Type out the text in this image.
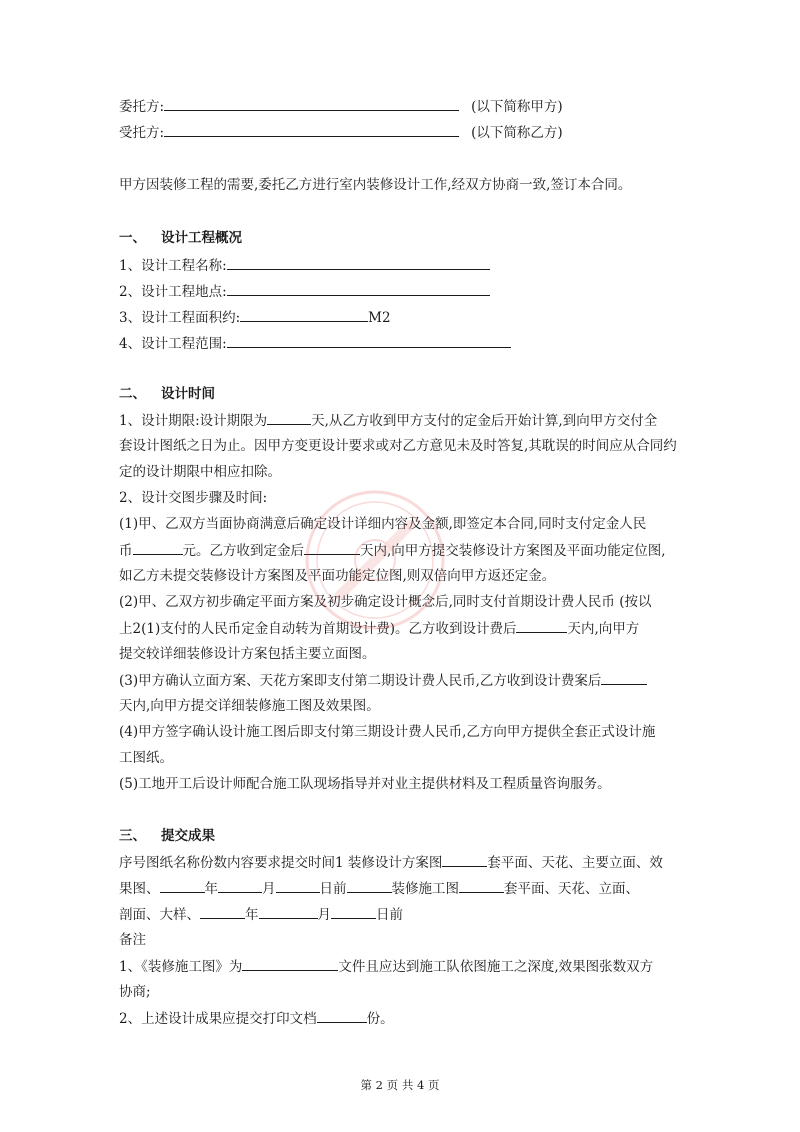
委托方:	(以下简称甲方)
受托方:	(以下简称乙方)
甲方因装修工程的需要,委托乙方进行室内装修设计工作,经双方协商一致,签订本合同。
一、 设计工程概况
1、设计工程名称:
2、设计工程地点:
3、设计工程面积约:	M2
4、设计工程范围:
二、 设计时间
1、设计期限:设计期限为	天,从乙方收到甲方支付的定金后开始计算,到向甲方交付全
套设计图纸之日为止。因甲方变更设计要求或对乙方意见未及时答复,其耽误的时间应从合同约
定的设计期限中相应扣除。
2、设计交图步骤及时间:
(1)甲、乙双方当面协商满意后确定设计详细内容及金额,即签定本合同,同时支付定金人民
币	元。乙方收到定金后	天内,向甲方提交装修设计方案图及平面功能定位图,
如乙方未提交装修设计方案图及平面功能定位图,则双倍向甲方返还定金。
(2)甲、乙双方初步确定平面方案及初步确定设计概念后,同时支付首期设计费人民币 (按以
上2(1)支付的人民币定金自动转为首期设计费)。乙方收到设计费后	天内,向甲方
提交较详细装修设计方案包括主要立面图。
(3)甲方确认立面方案、天花方案即支付第二期设计费人民币,乙方收到设计费案后
天内,向甲方提交详细装修施工图及效果图。
(4)甲方签字确认设计施工图后即支付第三期设计费人民币,乙方向甲方提供全套正式设计施
工图纸。
(5)工地开工后设计师配合施工队现场指导并对业主提供材料及工程质量咨询服务。
三、 提交成果
序号图纸名称份数内容要求提交时间1 装修设计方案图	套平面、天花、主要立面、效
果图、	年	月	日前	装修施工图	套平面、天花、立面、
剖面、大样、	年	月	日前
备注
1、《装修施工图》为	文件且应达到施工队依图施工之深度,效果图张数双方
协商;
2、上述设计成果应提交打印文档	份。
第 2 页 共 4 页
